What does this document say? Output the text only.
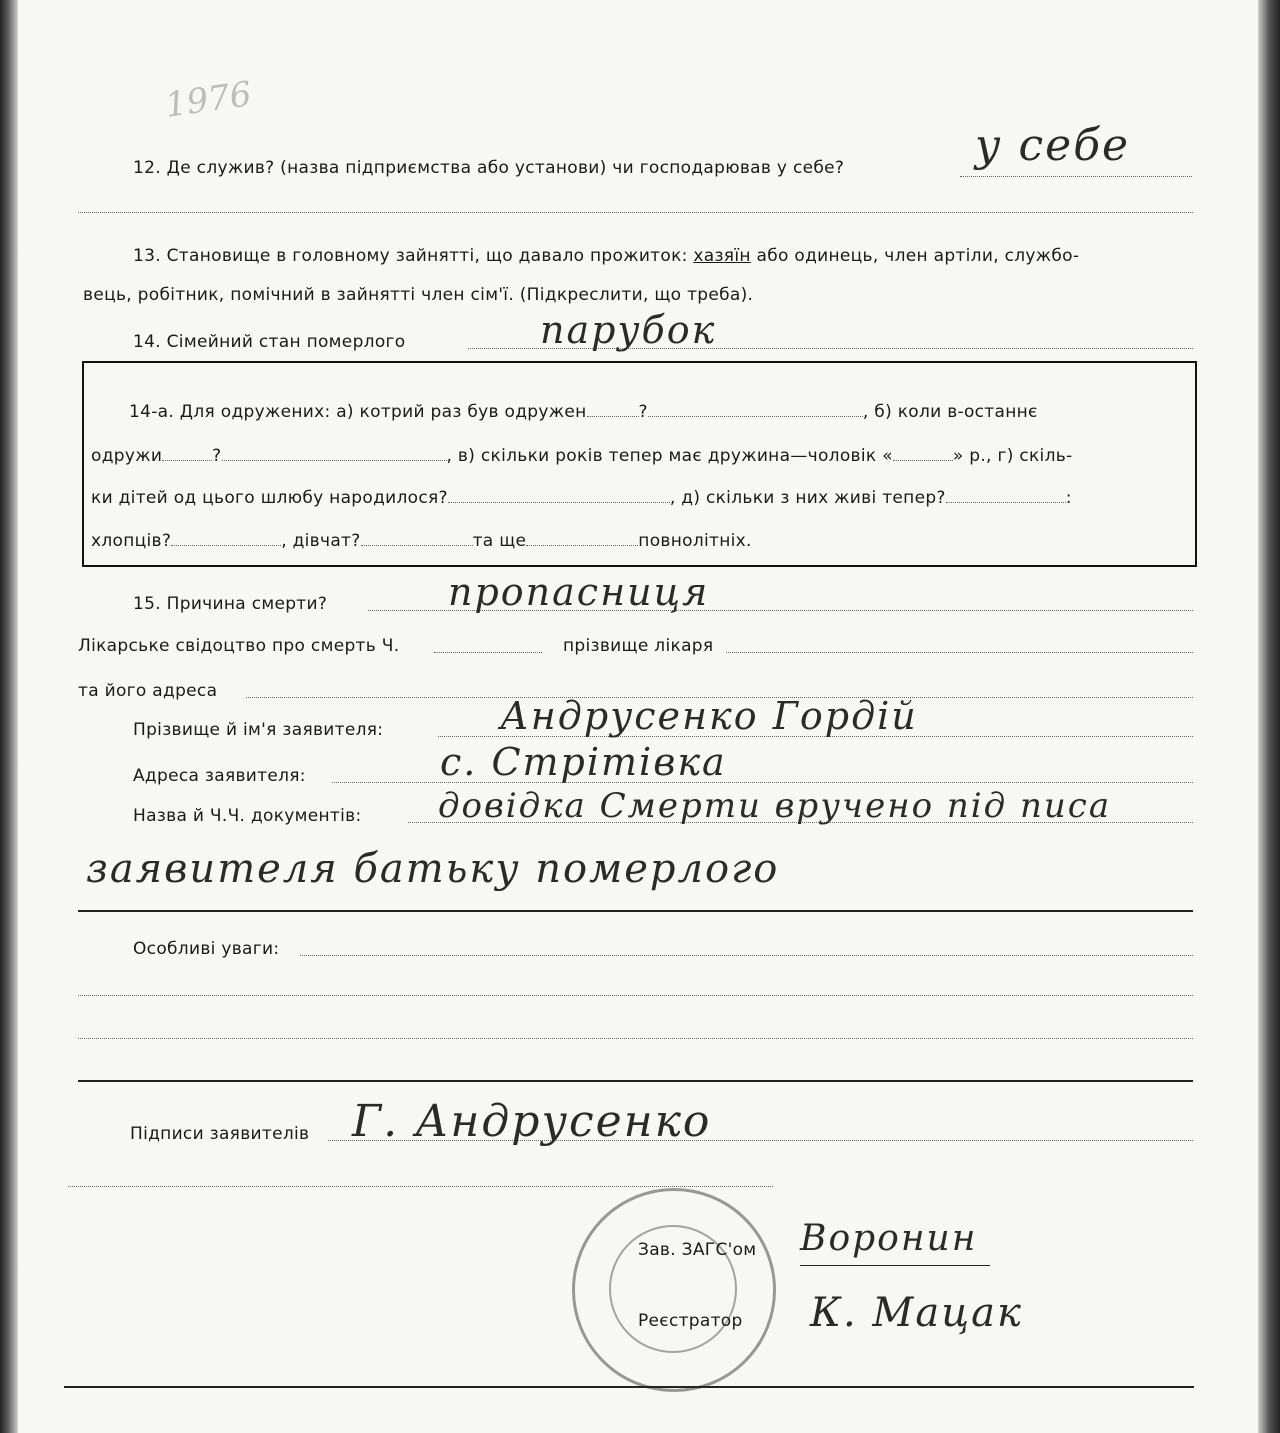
1976
12. Де служив? (назва підприємства або установи) чи господарював у себе?	у себе
13. Становище в головному зайнятті, що давало прожиток: хазяїн або одинець, член артіли, службо-
вець, робітник, помічний в зайнятті член сім'ї. (Підкреслити, що треба).
14. Сімейний стан померлого	парубок
14-а. Для одружених: а) котрий раз був одружен	?	, б) коли в-останнє
одружи	?	, в) скільки років тепер має дружина—чоловік «	» р., г) скіль-
ки дітей од цього шлюбу народилося?	, д) скільки з них живі тепер?	:
хлопців?	, дівчат?	та ще	повнолітніх.
15. Причина смерти?	пропасниця
Лікарське свідоцтво про смерть Ч.	прізвище лікаря
та його адреса
Прізвище й ім'я заявителя:	Андрусенко Гордій
Адреса заявителя:	с. Стрітівка
Назва й Ч.Ч. документів: довідка Смерти вручено під писа
заявителя батьку померлого
Особливі уваги:
Підписи заявителів Г. Андрусенко
Зав. ЗАГС'ом Воронин
Реєстратор К. Мацак
